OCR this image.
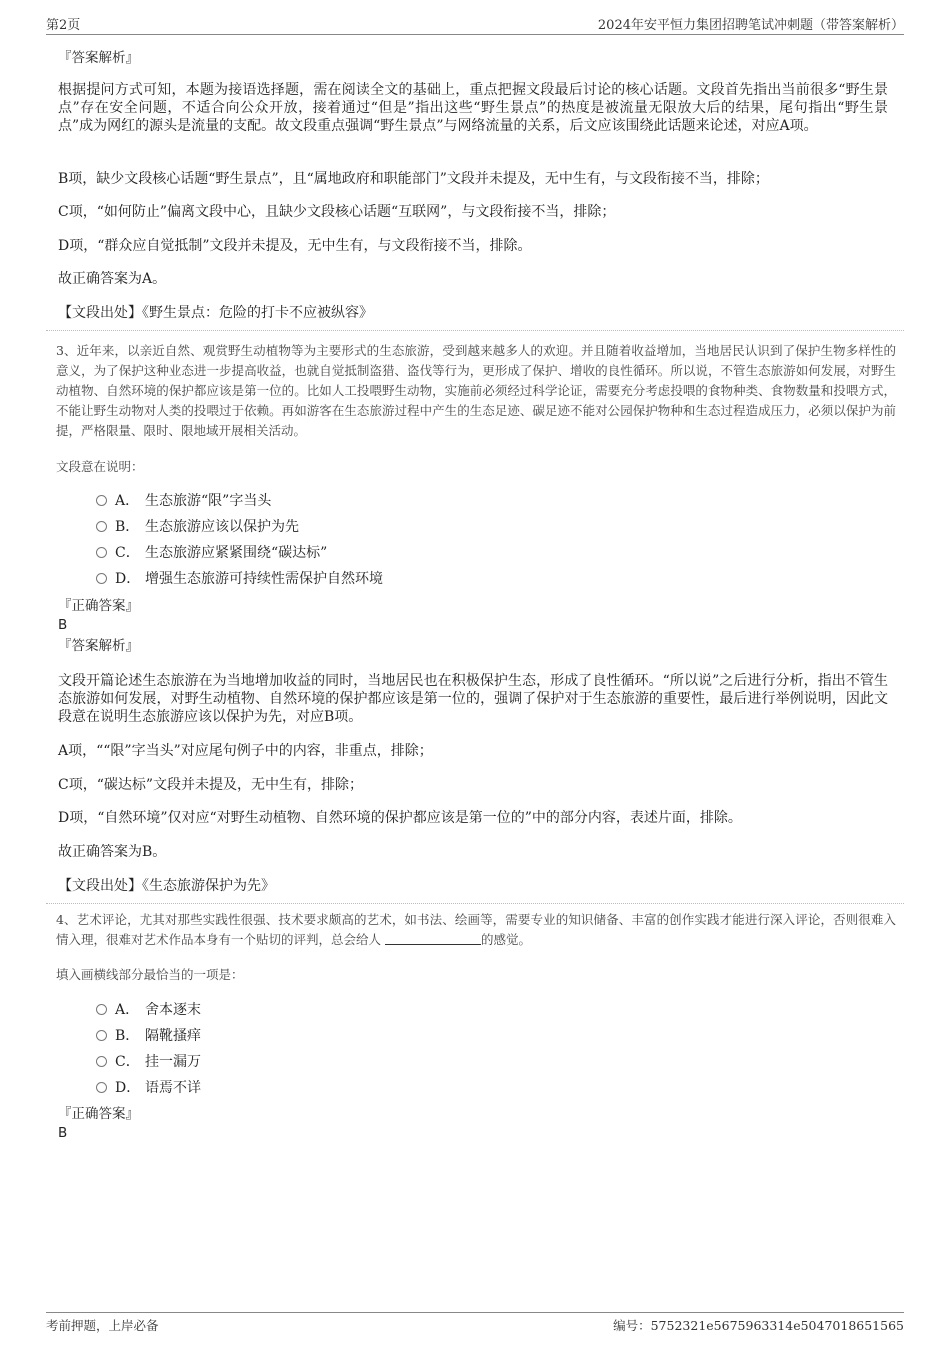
第2页	2024年安平恒力集团招聘笔试冲刺题（带答案解析）
『答案解析』
根据提问方式可知，本题为接语选择题，需在阅读全文的基础上，重点把握文段最后讨论的核心话题。文段首先指出当前很多“野生景点”存在安全问题，不适合向公众开放，接着通过“但是”指出这些“野生景点”的热度是被流量无限放大后的结果，尾句指出“野生景点”成为网红的源头是流量的支配。故文段重点强调“野生景点”与网络流量的关系，后文应该围绕此话题来论述，对应A项。
B项，缺少文段核心话题“野生景点”，且“属地政府和职能部门”文段并未提及，无中生有，与文段衔接不当，排除；
C项，“如何防止”偏离文段中心，且缺少文段核心话题“互联网”，与文段衔接不当，排除；
D项，“群众应自觉抵制”文段并未提及，无中生有，与文段衔接不当，排除。
故正确答案为A。
【文段出处】《野生景点：危险的打卡不应被纵容》
3、近年来，以亲近自然、观赏野生动植物等为主要形式的生态旅游，受到越来越多人的欢迎。并且随着收益增加，当地居民认识到了保护生物多样性的意义，为了保护这种业态进一步提高收益，也就自觉抵制盗猎、盗伐等行为，更形成了保护、增收的良性循环。所以说，不管生态旅游如何发展，对野生动植物、自然环境的保护都应该是第一位的。比如人工投喂野生动物，实施前必须经过科学论证，需要充分考虑投喂的食物种类、食物数量和投喂方式，不能让野生动物对人类的投喂过于依赖。再如游客在生态旅游过程中产生的生态足迹、碳足迹不能对公园保护物种和生态过程造成压力，必须以保护为前提，严格限量、限时、限地域开展相关活动。
文段意在说明：
A． 生态旅游“限”字当头
B． 生态旅游应该以保护为先
C． 生态旅游应紧紧围绕“碳达标”
D． 增强生态旅游可持续性需保护自然环境
『正确答案』
B
『答案解析』
文段开篇论述生态旅游在为当地增加收益的同时，当地居民也在积极保护生态，形成了良性循环。“所以说”之后进行分析，指出不管生态旅游如何发展，对野生动植物、自然环境的保护都应该是第一位的，强调了保护对于生态旅游的重要性，最后进行举例说明，因此文段意在说明生态旅游应该以保护为先，对应B项。
A项，““限”字当头”对应尾句例子中的内容，非重点，排除；
C项，“碳达标”文段并未提及，无中生有，排除；
D项，“自然环境”仅对应“对野生动植物、自然环境的保护都应该是第一位的”中的部分内容，表述片面，排除。
故正确答案为B。
【文段出处】《生态旅游保护为先》
4、艺术评论，尤其对那些实践性很强、技术要求颇高的艺术，如书法、绘画等，需要专业的知识储备、丰富的创作实践才能进行深入评论，否则很难入情入理，很难对艺术作品本身有一个贴切的评判，总会给人	的感觉。
填入画横线部分最恰当的一项是：
A． 舍本逐末
B． 隔靴搔痒
C． 挂一漏万
D． 语焉不详
『正确答案』
B
考前押题，上岸必备	编号：5752321e5675963314e5047018651565
